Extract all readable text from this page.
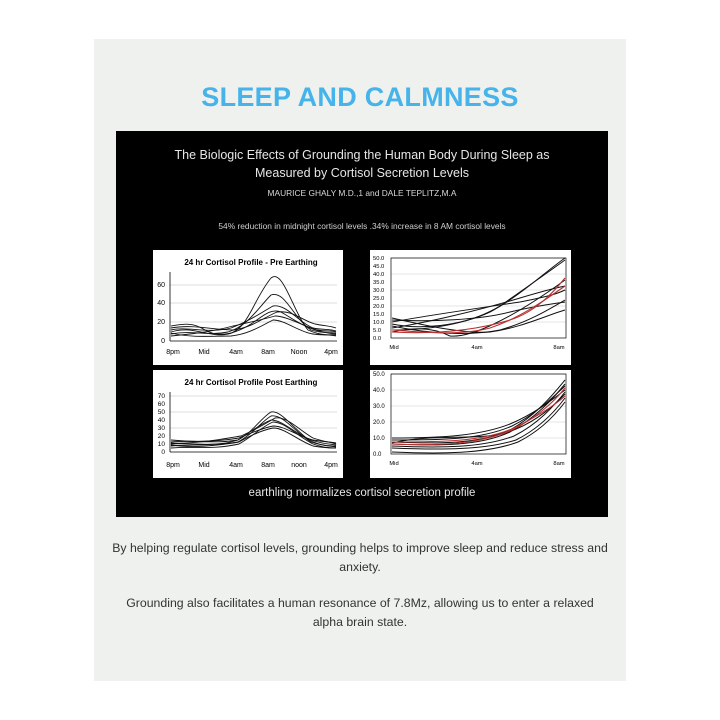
SLEEP AND CALMNESS
The Biologic Effects of Grounding the Human Body During Sleep as
Measured by Cortisol Secretion Levels
MAURICE GHALY M.D.,1 and DALE TEPLITZ,M.A
54% reduction in midnight cortisol levels .34% increase in 8 AM cortisol levels
24 hr Cortisol Profile - Pre Earthing
60
40
20
0
8pm	Mid	4am	8am Noon 4pm
24 hr Cortisol Profile Post Earthing
70
60
50
40
30
20
10
0
8pm	Mid	4am	8am noon 4pm
50.0
45.0
40.0
35.0
30.0
25.0
20.0
15.0
10.0
5.0
0.0
Mid	4am	8am
50.0
40.0
30.0
20.0
10.0
0.0
Mid	4am	8am
earthling normalizes cortisol secretion profile

By helping regulate cortisol levels, grounding helps to improve sleep and reduce stress and anxiety.

Grounding also facilitates a human resonance of 7.8Mz, allowing us to enter a relaxed alpha brain state.
